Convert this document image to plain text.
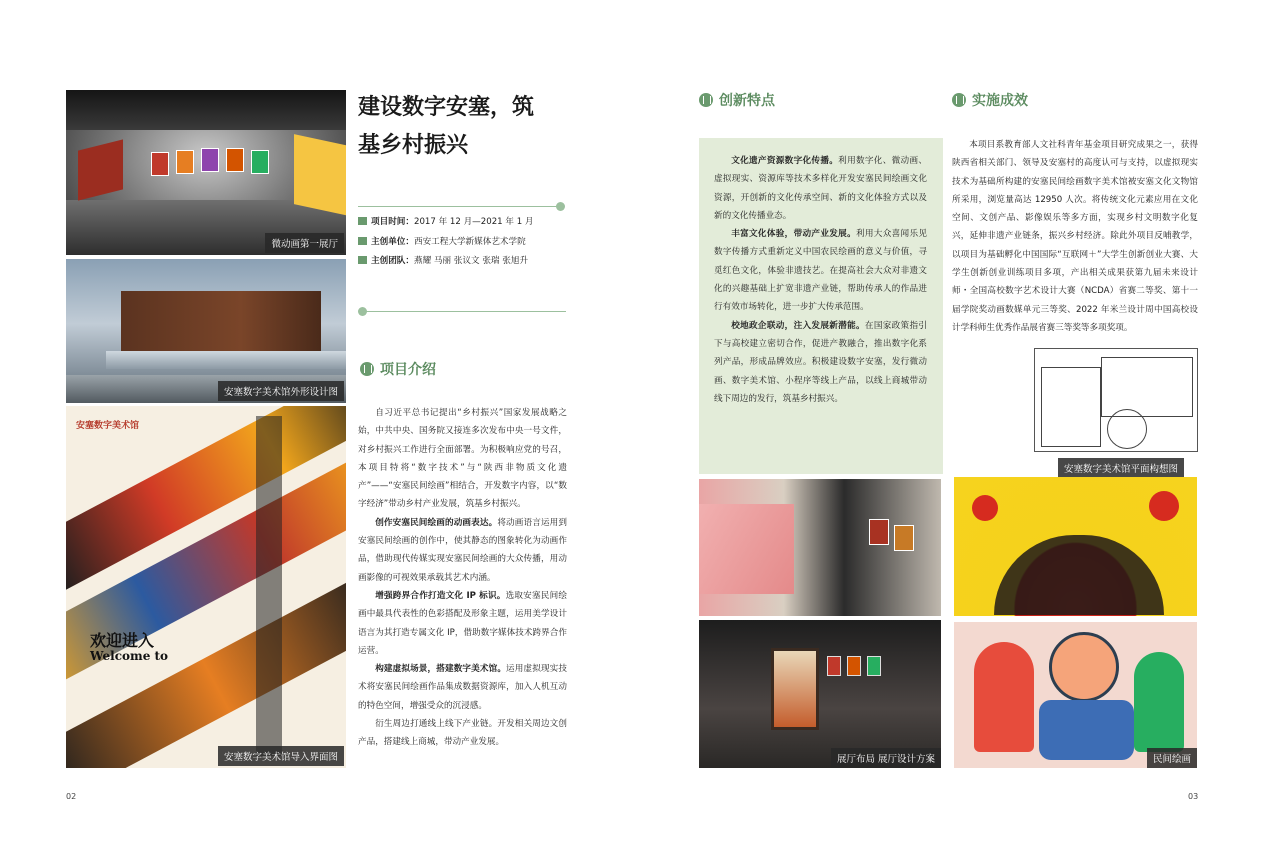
微动画第一展厅
安塞数字美术馆外形设计图
安塞数字美术馆
欢迎进入
Welcome to
安塞数字美术馆导入界面图
建设数字安塞，筑
基乡村振兴
项目时间：2017 年 12 月—2021 年 1 月
主创单位：西安工程大学新媒体艺术学院
主创团队：燕耀 马丽 张议文 张瑞 张旭升
项目介绍

自习近平总书记提出“乡村振兴”国家发展战略之始，中共中央、国务院又接连多次发布中央一号文件，对乡村振兴工作进行全面部署。为积极响应党的号召，本项目特将“数字技术”与“陕西非物质文化遗产”——“安塞民间绘画”相结合，开发数字内容，以“数字经济”带动乡村产业发展，筑基乡村振兴。

创作安塞民间绘画的动画表达。将动画语言运用到安塞民间绘画的创作中，使其静态的图象转化为动画作品，借助现代传媒实现安塞民间绘画的大众传播，用动画影像的可视效果承载其艺术内涵。

增强跨界合作打造文化 IP 标识。选取安塞民间绘画中最具代表性的色彩搭配及形象主题，运用美学设计语言为其打造专属文化 IP，借助数字媒体技术跨界合作运营。

构建虚拟场景，搭建数字美术馆。运用虚拟现实技术将安塞民间绘画作品集成数据资源库，加入人机互动的特色空间，增强受众的沉浸感。

衍生周边打通线上线下产业链。开发相关周边文创产品，搭建线上商城，带动产业发展。

02
创新特点

文化遗产资源数字化传播。利用数字化、微动画、虚拟现实、资源库等技术多样化开发安塞民间绘画文化资源，开创新的文化传承空间、新的文化体验方式以及新的文化传播业态。

丰富文化体验，带动产业发展。利用大众喜闻乐见数字传播方式重新定义中国农民绘画的意义与价值，寻觅红色文化，体验非遗技艺。在提高社会大众对非遗文化的兴趣基础上扩宽非遗产业链，帮助传承人的作品进行有效市场转化，进一步扩大传承范围。

校地政企联动，注入发展新潜能。在国家政策指引下与高校建立密切合作，促进产教融合，推出数字化系列产品，形成品牌效应。积极建设数字安塞，发行微动画、数字美术馆、小程序等线上产品，以线上商城带动线下周边的发行，筑基乡村振兴。

实施成效

本项目系教育部人文社科青年基金项目研究成果之一，获得陕西省相关部门、领导及安塞村的高度认可与支持，以虚拟现实技术为基础所构建的安塞民间绘画数字美术馆被安塞文化文物馆所采用，浏览量高达 12950 人次。将传统文化元素应用在文化空间、文创产品、影像娱乐等多方面，实现乡村文明数字化复兴，延伸非遗产业链条，振兴乡村经济。除此外项目反哺教学，以项目为基础孵化中国国际“互联网＋”大学生创新创业大赛、大学生创新创业训练项目多项，产出相关成果获第九届未来设计师・全国高校数字艺术设计大赛（NCDA）省赛二等奖、第十一届学院奖动画数媒单元三等奖、2022 年米兰设计周中国高校设计学科师生优秀作品展省赛三等奖等多项奖项。

安塞数字美术馆平面构想图
展厅布局 展厅设计方案	民间绘画
03
